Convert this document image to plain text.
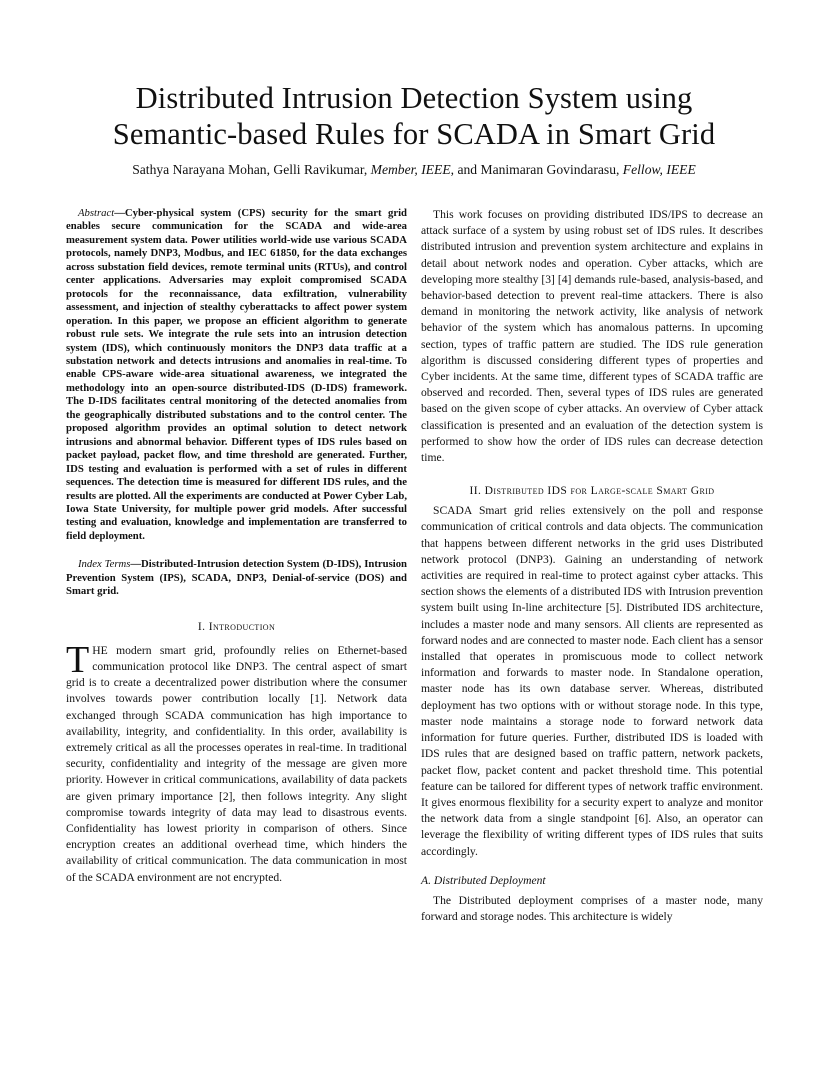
Distributed Intrusion Detection System using
Semantic-based Rules for SCADA in Smart Grid
Sathya Narayana Mohan, Gelli Ravikumar, Member, IEEE, and Manimaran Govindarasu, Fellow, IEEE

Abstract—Cyber-physical system (CPS) security for the smart grid enables secure communication for the SCADA and wide-area measurement system data. Power utilities world-wide use various SCADA protocols, namely DNP3, Modbus, and IEC 61850, for the data exchanges across substation field devices, remote terminal units (RTUs), and control center applications. Adversaries may exploit compromised SCADA protocols for the reconnaissance, data exfiltration, vulnerability assessment, and injection of stealthy cyberattacks to affect power system operation. In this paper, we propose an efficient algorithm to generate robust rule sets. We integrate the rule sets into an intrusion detection system (IDS), which continuously monitors the DNP3 data traffic at a substation network and detects intrusions and anomalies in real-time. To enable CPS-aware wide-area situational awareness, we integrated the methodology into an open-source distributed-IDS (D-IDS) framework. The D-IDS facilitates central monitoring of the detected anomalies from the geographically distributed substations and to the control center. The proposed algorithm provides an optimal solution to detect network intrusions and abnormal behavior. Different types of IDS rules based on packet payload, packet flow, and time threshold are generated. Further, IDS testing and evaluation is performed with a set of rules in different sequences. The detection time is measured for different IDS rules, and the results are plotted. All the experiments are conducted at Power Cyber Lab, Iowa State University, for multiple power grid models. After successful testing and evaluation, knowledge and implementation are transferred to field deployment.

Index Terms—Distributed-Intrusion detection System (D-IDS), Intrusion Prevention System (IPS), SCADA, DNP3, Denial-of-service (DOS) and Smart grid.

I. Introduction

THE modern smart grid, profoundly relies on Ethernet-based communication protocol like DNP3. The central aspect of smart grid is to create a decentralized power distribution where the consumer involves towards power contribution locally [1]. Network data exchanged through SCADA communication has high importance to availability, integrity, and confidentiality. In this order, availability is extremely critical as all the processes operates in real-time. In traditional security, confidentiality and integrity of the message are given more priority. However in critical communications, availability of data packets are given primary importance [2], then follows integrity. Any slight compromise towards integrity of data may lead to disastrous events. Confidentiality has lowest priority in comparison of others. Since encryption creates an additional overhead time, which hinders the availability of critical communication. The data communication in most of the SCADA environment are not encrypted.

This work focuses on providing distributed IDS/IPS to decrease an attack surface of a system by using robust set of IDS rules. It describes distributed intrusion and prevention system architecture and explains in detail about network nodes and operation. Cyber attacks, which are developing more stealthy [3] [4] demands rule-based, analysis-based, and behavior-based detection to prevent real-time attackers. There is also demand in monitoring the network activity, like analysis of network behavior of the system which has anomalous patterns. In upcoming section, types of traffic pattern are studied. The IDS rule generation algorithm is discussed considering different types of properties and Cyber incidents. At the same time, different types of SCADA traffic are observed and recorded. Then, several types of IDS rules are generated based on the given scope of cyber attacks. An overview of Cyber attack classification is presented and an evaluation of the detection system is performed to show how the order of IDS rules can decrease detection time.

II. Distributed IDS for Large-scale Smart Grid

SCADA Smart grid relies extensively on the poll and response communication of critical controls and data objects. The communication that happens between different networks in the grid uses Distributed network protocol (DNP3). Gaining an understanding of network activities are required in real-time to protect against cyber attacks. This section shows the elements of a distributed IDS with Intrusion prevention system built using In-line architecture [5]. Distributed IDS architecture, includes a master node and many sensors. All clients are represented as forward nodes and are connected to master node. Each client has a sensor installed that operates in promiscuous mode to collect network information and forwards to master node. In Standalone operation, master node has its own database server. Whereas, distributed deployment has two options with or without storage node. In this type, master node maintains a storage node to forward network data information for future queries. Further, distributed IDS is loaded with IDS rules that are designed based on traffic pattern, network packets, packet flow, packet content and packet threshold time. This potential feature can be tailored for different types of network traffic environment. It gives enormous flexibility for a security expert to analyze and monitor the network data from a single standpoint [6]. Also, an operator can leverage the flexibility of writing different types of IDS rules that suits accordingly.

A. Distributed Deployment

The Distributed deployment comprises of a master node, many forward and storage nodes. This architecture is widely
